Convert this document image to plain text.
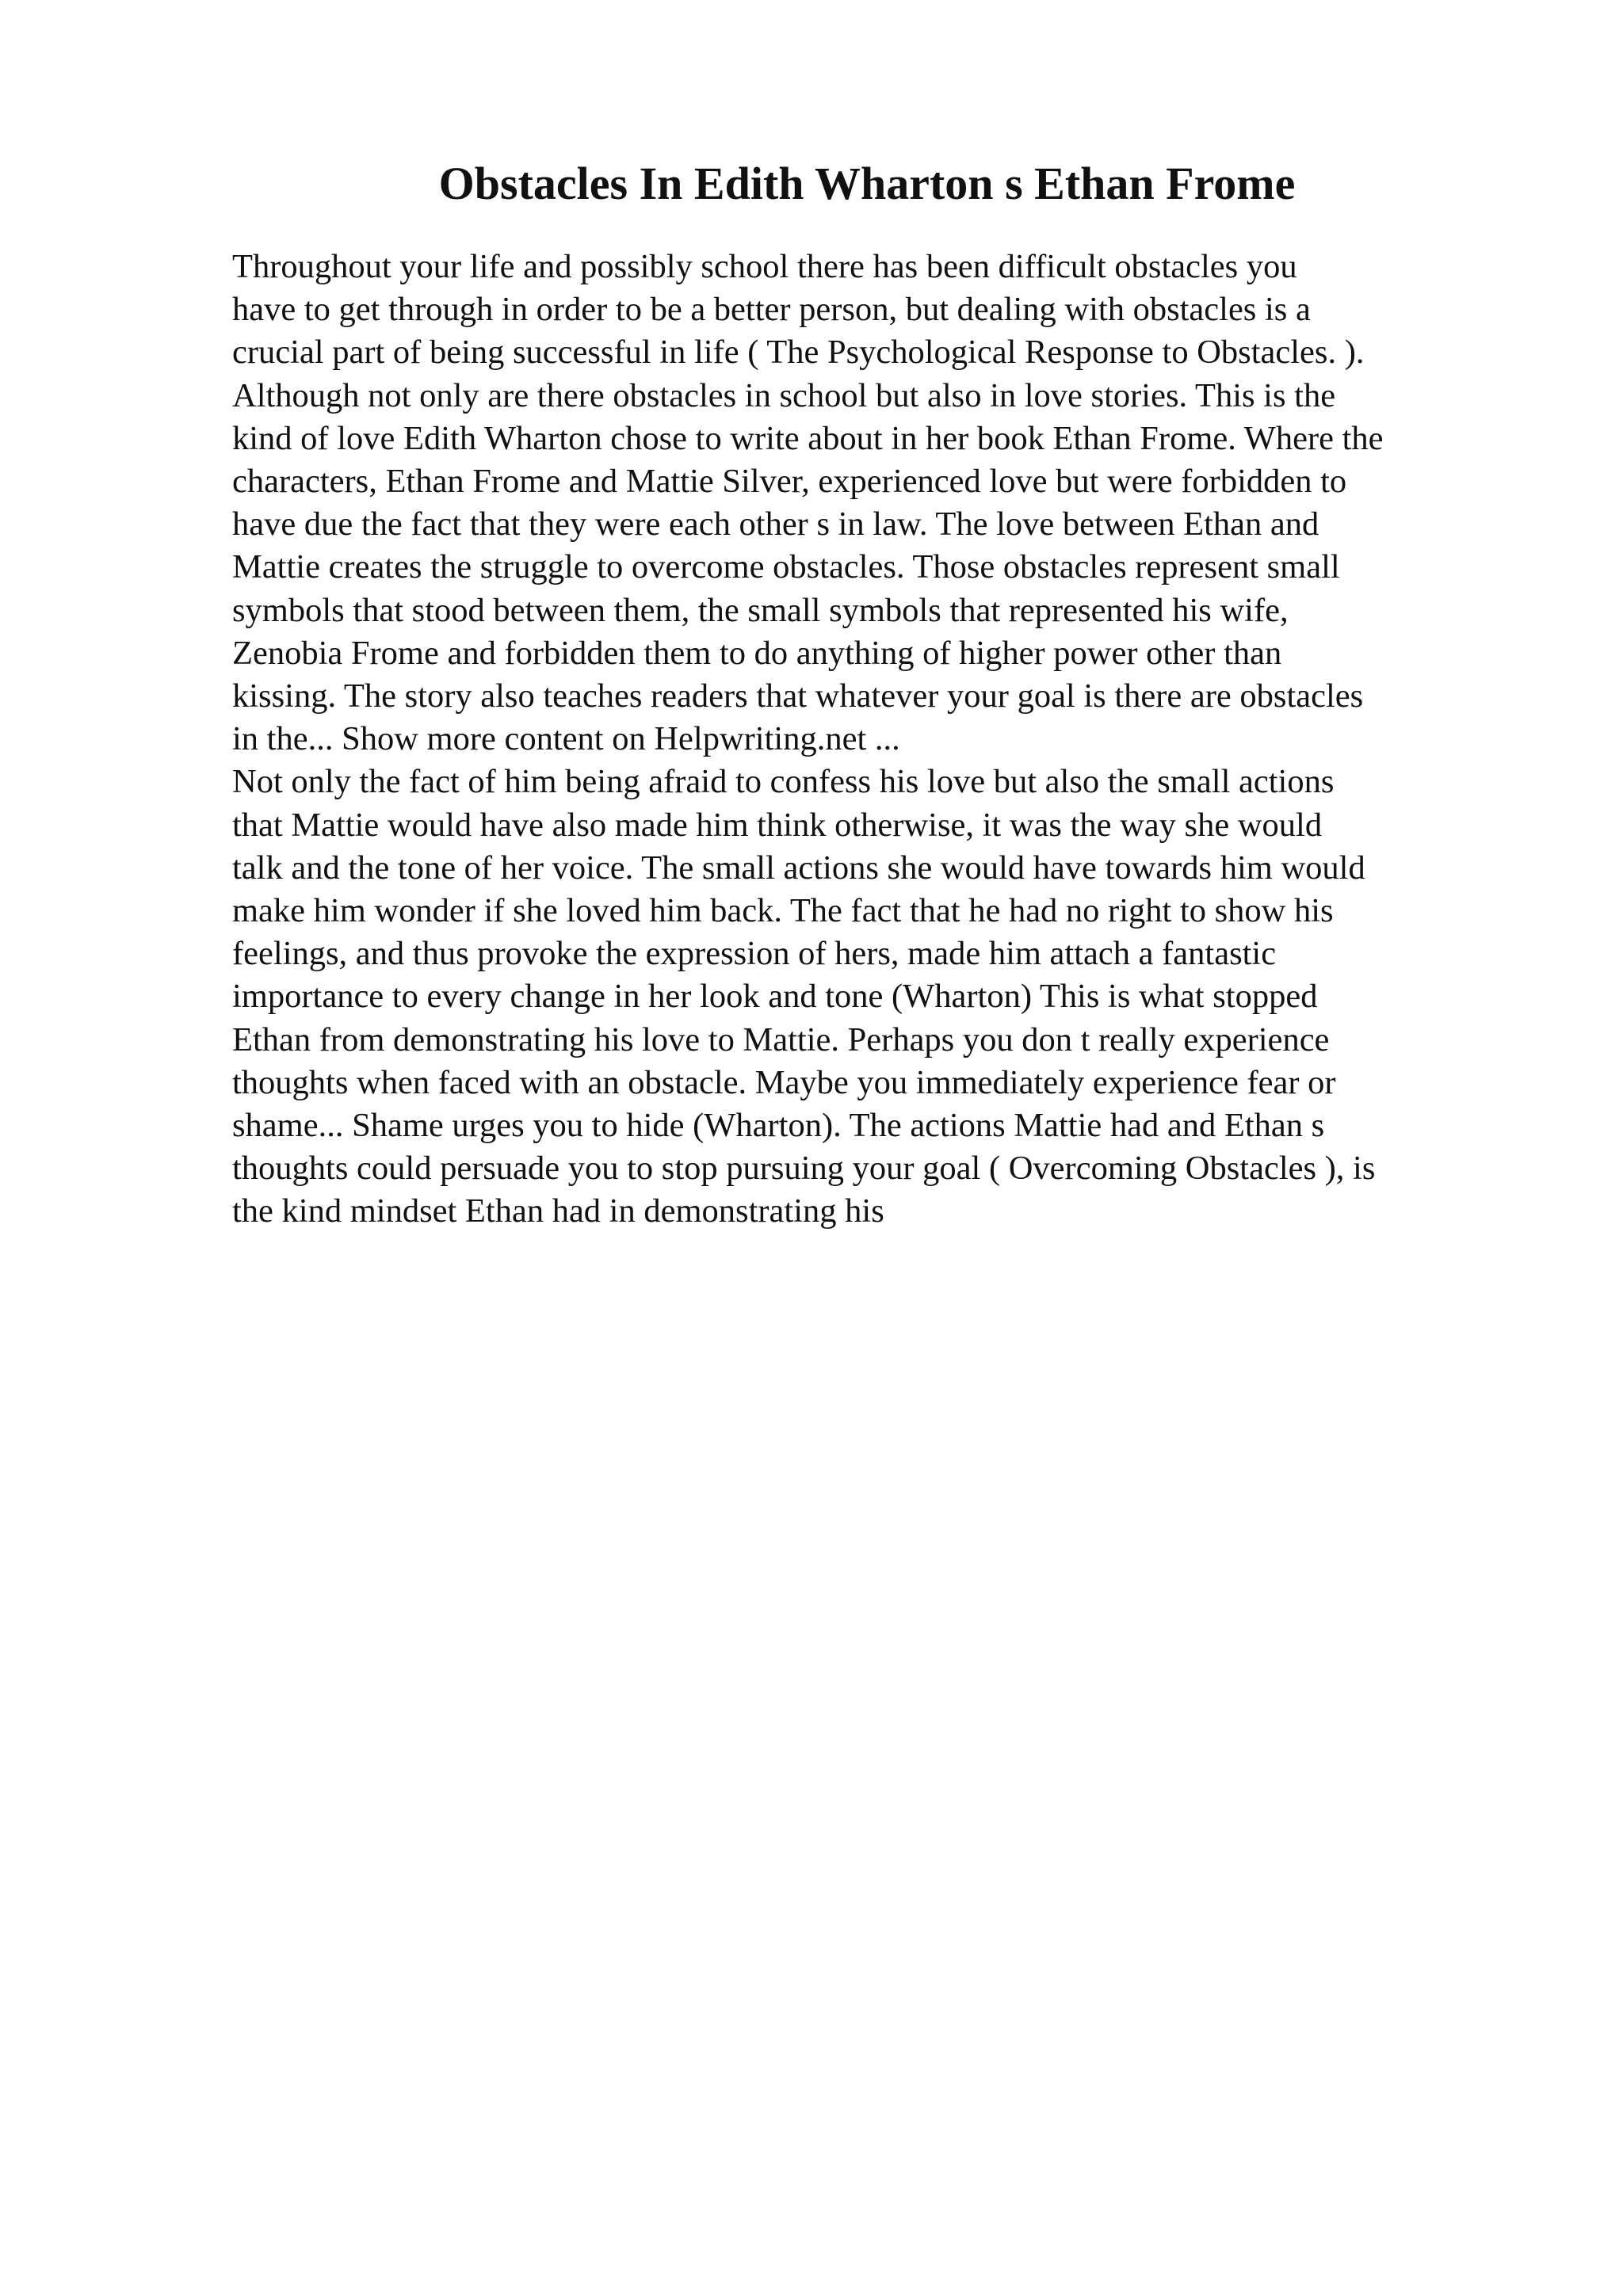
Obstacles In Edith Wharton s Ethan Frome
Throughout your life and possibly school there has been difficult obstacles you
have to get through in order to be a better person, but dealing with obstacles is a
crucial part of being successful in life ( The Psychological Response to Obstacles. ).
Although not only are there obstacles in school but also in love stories. This is the
kind of love Edith Wharton chose to write about in her book Ethan Frome. Where the
characters, Ethan Frome and Mattie Silver, experienced love but were forbidden to
have due the fact that they were each other s in law. The love between Ethan and
Mattie creates the struggle to overcome obstacles. Those obstacles represent small
symbols that stood between them, the small symbols that represented his wife,
Zenobia Frome and forbidden them to do anything of higher power other than
kissing. The story also teaches readers that whatever your goal is there are obstacles
in the... Show more content on Helpwriting.net ...
Not only the fact of him being afraid to confess his love but also the small actions
that Mattie would have also made him think otherwise, it was the way she would
talk and the tone of her voice. The small actions she would have towards him would
make him wonder if she loved him back. The fact that he had no right to show his
feelings, and thus provoke the expression of hers, made him attach a fantastic
importance to every change in her look and tone (Wharton) This is what stopped
Ethan from demonstrating his love to Mattie. Perhaps you don t really experience
thoughts when faced with an obstacle. Maybe you immediately experience fear or
shame... Shame urges you to hide (Wharton). The actions Mattie had and Ethan s
thoughts could persuade you to stop pursuing your goal ( Overcoming Obstacles ), is
the kind mindset Ethan had in demonstrating his
